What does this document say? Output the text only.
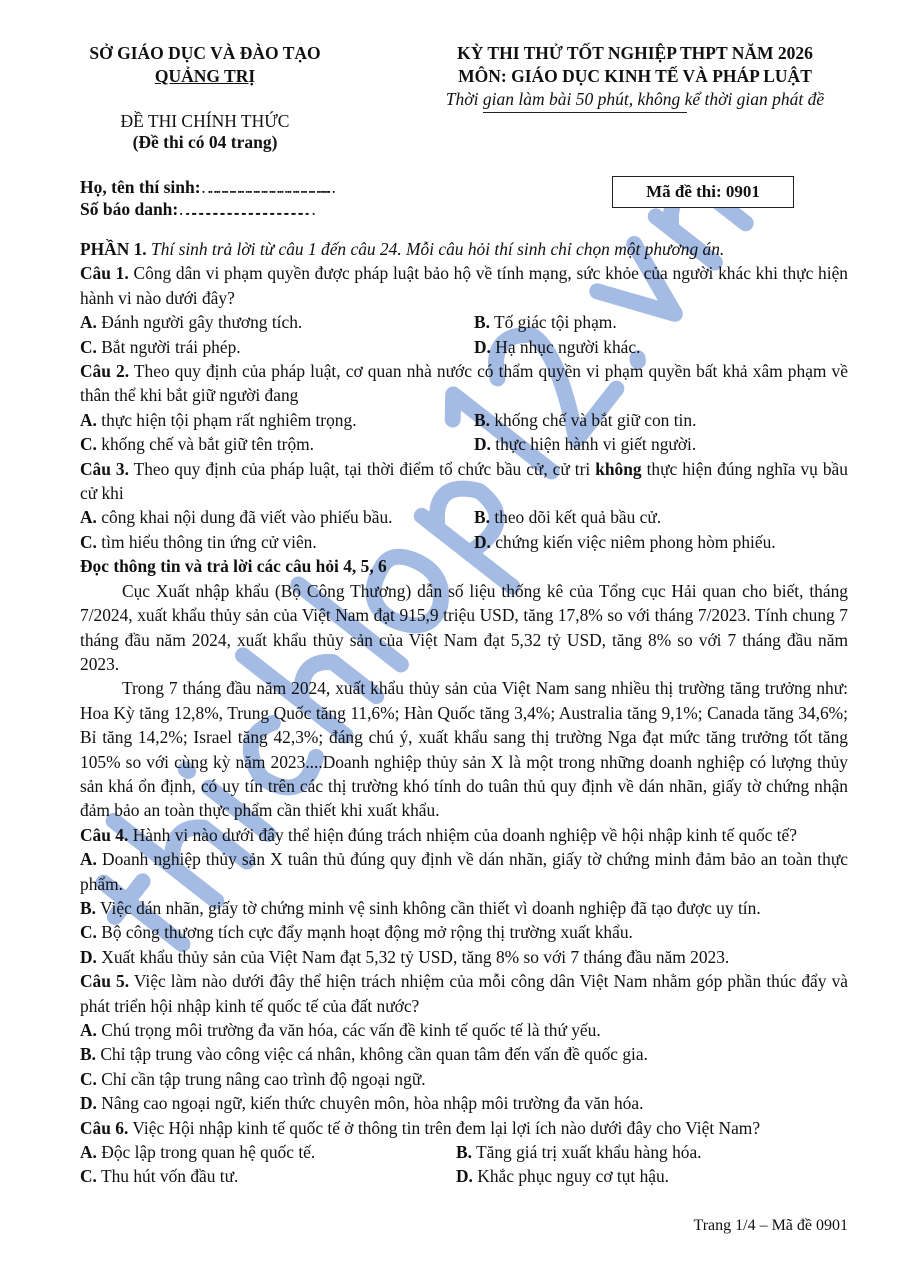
SỞ GIÁO DỤC VÀ ĐÀO TẠO
QUẢNG TRỊ
ĐỀ THI CHÍNH THỨC
(Đề thi có 04 trang)
KỲ THI THỬ TỐT NGHIỆP THPT NĂM 2026
MÔN: GIÁO DỤC KINH TẾ VÀ PHÁP LUẬT
Thời gian làm bài 50 phút, không kể thời gian phát đề
Họ, tên thí sinh:…………………………………………..
Số báo danh:………………………………………………
Mã đề thi: 0901

PHẦN 1. Thí sinh trả lời từ câu 1 đến câu 24. Mỗi câu hỏi thí sinh chỉ chọn một phương án.

Câu 1. Công dân vi phạm quyền được pháp luật bảo hộ về tính mạng, sức khỏe của người khác khi thực hiện hành vi nào dưới đây?

A. Đánh người gây thương tích.	B. Tố giác tội phạm.
C. Bắt người trái phép.	D. Hạ nhục người khác.

Câu 2. Theo quy định của pháp luật, cơ quan nhà nước có thẩm quyền vi phạm quyền bất khả xâm phạm về thân thể khi bắt giữ người đang

A. thực hiện tội phạm rất nghiêm trọng.	B. khống chế và bắt giữ con tin.
C. khống chế và bắt giữ tên trộm.	D. thực hiện hành vi giết người.

Câu 3. Theo quy định của pháp luật, tại thời điểm tổ chức bầu cử, cử tri không thực hiện đúng nghĩa vụ bầu cử khi

A. công khai nội dung đã viết vào phiếu bầu.	B. theo dõi kết quả bầu cử.
C. tìm hiểu thông tin ứng cử viên.	D. chứng kiến việc niêm phong hòm phiếu.

Đọc thông tin và trả lời các câu hỏi 4, 5, 6

Cục Xuất nhập khẩu (Bộ Công Thương) dẫn số liệu thống kê của Tổng cục Hải quan cho biết, tháng 7/2024, xuất khẩu thủy sản của Việt Nam đạt 915,9 triệu USD, tăng 17,8% so với tháng 7/2023. Tính chung 7 tháng đầu năm 2024, xuất khẩu thủy sản của Việt Nam đạt 5,32 tỷ USD, tăng 8% so với 7 tháng đầu năm 2023.

Trong 7 tháng đầu năm 2024, xuất khẩu thủy sản của Việt Nam sang nhiều thị trường tăng trưởng như: Hoa Kỳ tăng 12,8%, Trung Quốc tăng 11,6%; Hàn Quốc tăng 3,4%; Australia tăng 9,1%; Canada tăng 34,6%; Bỉ tăng 14,2%; Israel tăng 42,3%; đáng chú ý, xuất khẩu sang thị trường Nga đạt mức tăng trưởng tốt tăng 105% so với cùng kỳ năm 2023....Doanh nghiệp thủy sản X là một trong những doanh nghiệp có lượng thủy sản khá ổn định, có uy tín trên các thị trường khó tính do tuân thủ quy định về dán nhãn, giấy tờ chứng nhận đảm bảo an toàn thực phẩm cần thiết khi xuất khẩu.

Câu 4. Hành vi nào dưới đây thể hiện đúng trách nhiệm của doanh nghiệp về hội nhập kinh tế quốc tế?

A. Doanh nghiệp thủy sản X tuân thủ đúng quy định về dán nhãn, giấy tờ chứng minh đảm bảo an toàn thực phẩm.

B. Việc dán nhãn, giấy tờ chứng minh vệ sinh không cần thiết vì doanh nghiệp đã tạo được uy tín.

C. Bộ công thương tích cực đẩy mạnh hoạt động mở rộng thị trường xuất khẩu.

D. Xuất khẩu thủy sản của Việt Nam đạt 5,32 tỷ USD, tăng 8% so với 7 tháng đầu năm 2023.

Câu 5. Việc làm nào dưới đây thể hiện trách nhiệm của mỗi công dân Việt Nam nhằm góp phần thúc đẩy và phát triển hội nhập kinh tế quốc tế của đất nước?

A. Chú trọng môi trường đa văn hóa, các vấn đề kinh tế quốc tế là thứ yếu.

B. Chỉ tập trung vào công việc cá nhân, không cần quan tâm đến vấn đề quốc gia.

C. Chỉ cần tập trung nâng cao trình độ ngoại ngữ.

D. Nâng cao ngoại ngữ, kiến thức chuyên môn, hòa nhập môi trường đa văn hóa.

Câu 6. Việc Hội nhập kinh tế quốc tế ở thông tin trên đem lại lợi ích nào dưới đây cho Việt Nam?

A. Độc lập trong quan hệ quốc tế.	B. Tăng giá trị xuất khẩu hàng hóa.
C. Thu hút vốn đầu tư.	D. Khắc phục nguy cơ tụt hậu.
Trang 1/4 – Mã đề 0901
